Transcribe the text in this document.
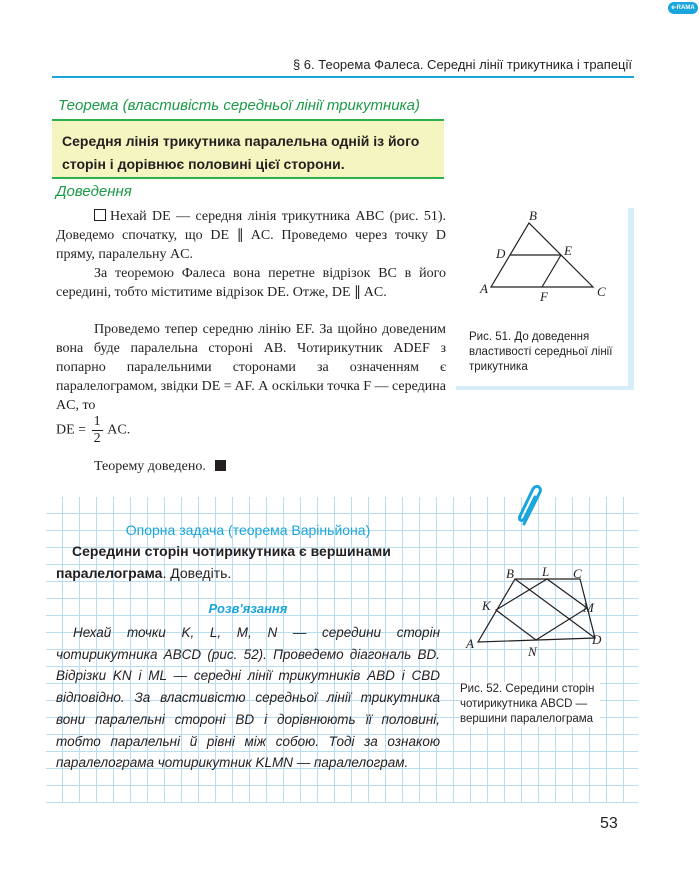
e-RAMA
§ 6. Теорема Фалеса. Середні лінії трикутника і трапеції
Теорема (властивість середньої лінії трикутника)
Середня лінія трикутника паралельна одній із його сторін і дорівнює половині цієї сторони.
Доведення
Нехай DE — середня лінія трикутника ABC (рис. 51). Доведемо спочатку, що DE ∥ AC. Проведемо через точку D пряму, паралельну AC.
За теоремою Фалеса вона перетне відрізок BC в його середині, тобто міститиме відрізок DE. Отже, DE ∥ AC.
Проведемо тепер середню лінію EF. За щойно доведеним вона буде паралельна стороні AB. Чотирикутник ADEF з попарно паралельними сторонами за означенням є паралелограмом, звідки DE = AF. А оскільки точка F — середина AC, то
DE = $\frac{1}{2}$ AC.
Теорему доведено.
B
D	E
A	C
F
Рис. 51. До доведення властивості середньої лінії трикутника
Опорна задача (теорема Варіньйона)
Середини сторін чотирикутника є вершинами паралелограма. Доведіть.
Розв'язання
Нехай точки K, L, M, N — середини сторін чотирикутника ABCD (рис. 52). Проведемо діагональ BD. Відрізки KN і ML — середні лінії трикутників ABD і CBD відповідно. За властивістю середньої лінії трикутника вони паралельні стороні BD і дорівнюють її половині, тобто паралельні й рівні між собою. Тоді за ознакою паралелограма чотирикутник KLMN — паралелограм.
B L C
K	M
A
N
D
Рис. 52. Середини сторін чотирикутника ABCD — вершини паралелограма
53
